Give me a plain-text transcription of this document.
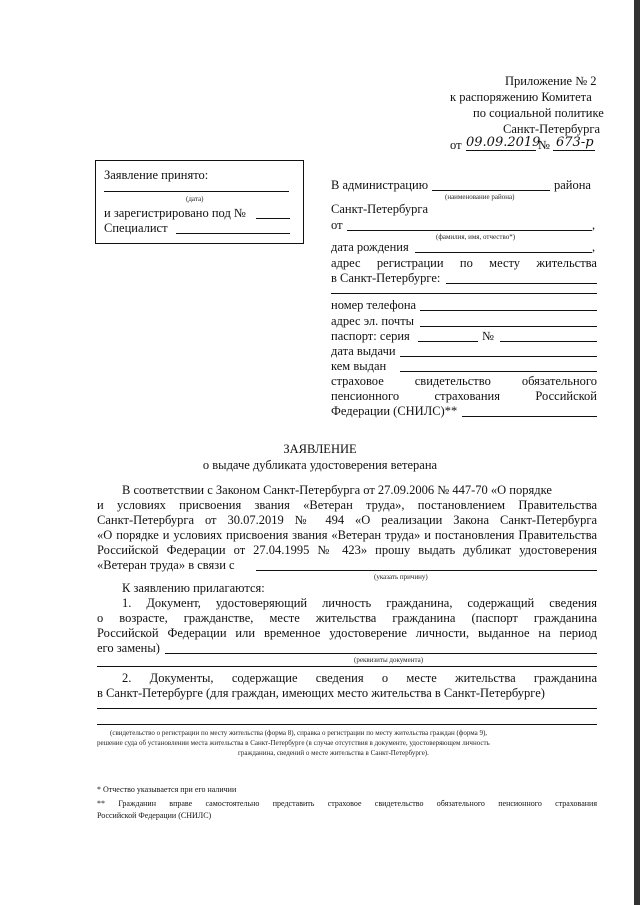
Приложение № 2
к распоряжению Комитета
по социальной политике
Санкт-Петербурга
от 09.09.2019
№ 673-р
Заявление принято:
(дата)
и зарегистрировано под №
Специалист
В администрацию	района
(наименование района)
Санкт-Петербурга
от	,
(фамилия, имя, отчество*)
дата рождения	,
адрес регистрации по месту жительства
в Санкт-Петербурге:
номер телефона
адрес эл. почты
паспорт: серия	№
дата выдачи
кем выдан
страховое свидетельство обязательного
пенсионного	страхования	Российской
Федерации (СНИЛС)**
ЗАЯВЛЕНИЕ
о выдаче дубликата удостоверения ветерана
В соответствии с Законом Санкт-Петербурга от 27.09.2006 № 447-70 «О порядке
и условиях присвоения звания «Ветеран труда», постановлением Правительства
Санкт-Петербурга от 30.07.2019 № 494 «О реализации Закона Санкт-Петербурга
«О порядке и условиях присвоения звания «Ветеран труда» и постановления Правительства
Российской Федерации от 27.04.1995 № 423» прошу выдать дубликат удостоверения
«Ветеран труда» в связи с
(указать причину)
К заявлению прилагаются:
1. Документ, удостоверяющий личность гражданина, содержащий сведения
о возрасте, гражданстве, месте жительства гражданина (паспорт гражданина
Российской Федерации или временное удостоверение личности, выданное на период
его замены)
(реквизиты документа)
2. Документы, содержащие сведения о месте жительства гражданина
в Санкт-Петербурге (для граждан, имеющих место жительства в Санкт-Петербурге)
(свидетельство о регистрации по месту жительства (форма 8), справка о регистрации по месту жительства граждан (форма 9),
решение суда об установлении места жительства в Санкт-Петербурге (в случае отсутствия в документе, удостоверяющем личность
гражданина, сведений о месте жительства в Санкт-Петербурге).
* Отчество указывается при его наличии
** Гражданин вправе самостоятельно представить страховое свидетельство обязательного пенсионного страхования
Российской Федерации (СНИЛС)
